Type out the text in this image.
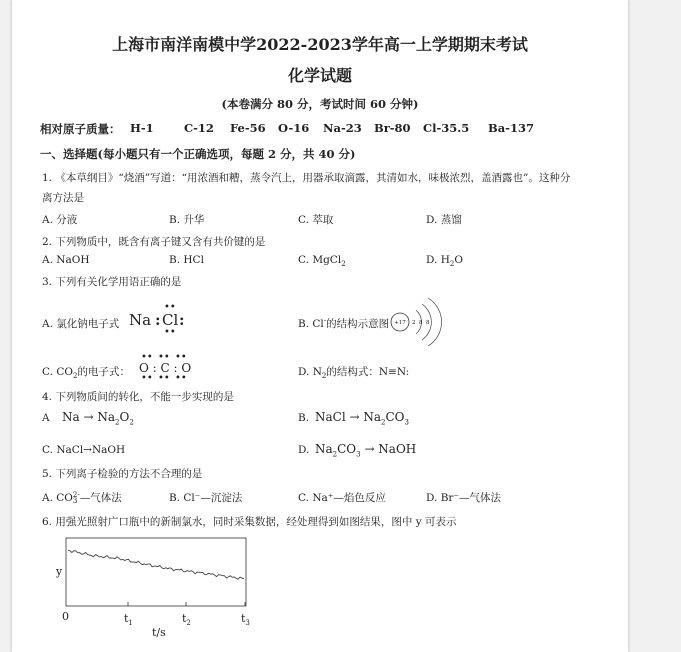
上海市南洋南模中学2022-2023学年高一上学期期末考试
化学试题
(本卷满分 80 分，考试时间 60 分钟)
相对原子质量： H-1	C-12 Fe-56 O-16 Na-23 Br-80 Cl-35.5 Ba-137
一、选择题(每小题只有一个正确选项，每题 2 分，共 40 分)
1. 《本草纲目》“烧酒”写道：“用浓酒和糟，蒸令汽上，用器承取滴露，其清如水，味极浓烈，盖酒露也”。这种分
离方法是
A. 分液	B. 升华	C. 萃取	D. 蒸馏
2. 下列物质中，既含有离子键又含有共价键的是
A. NaOH	B. HCl	C. MgCl$_2$	D. $H_2O$
3. 下列有关化学用语正确的是
A. 氯化钠电子式 Na : Cl :
••
••
B. Cl-的结构示意图 +17 2 8 8
C. $CO_2$的电子式： O : C : O
•• •• ••
•• •• ••
D. $N_2$的结构式：N≡N:
4. 下列物质间的转化，不能一步实现的是
A $Na \to Na_2O_2$	B. NaCl → $Na_2CO_3$
C. NaCl→NaOH	D. $Na_2CO_3$ → NaOH
5. 下列离子检验的方法不合理的是
A. CO 2-
3 —气体法	B. Cl⁻—沉淀法	C. Na⁺—焰色反应	D. Br⁻—气体法
6. 用强光照射广口瓶中的新制氯水，同时采集数据，经处理得到如图结果，图中 y 可表示
y
0	$t_1$	$t_2$	$t_3$
t/s
